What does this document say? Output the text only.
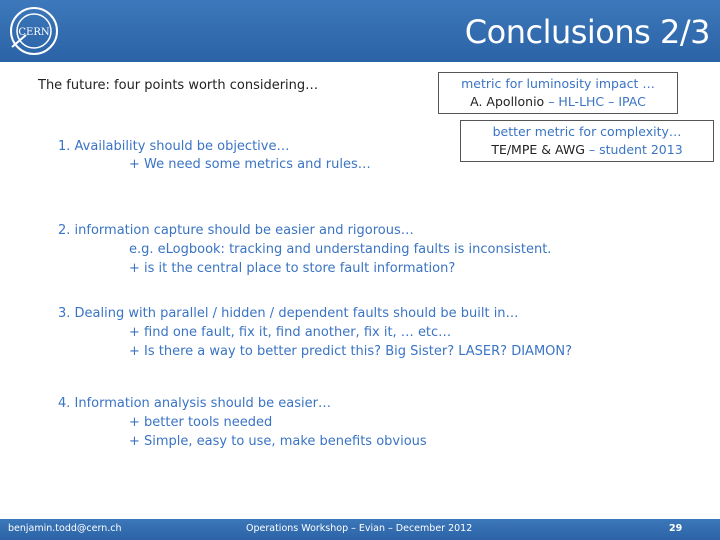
CERN	Conclusions 2/3
The future: four points worth considering…	metric for luminosity impact …
A. Apollonio – HL-LHC – IPAC
better metric for complexity…
TE/MPE & AWG – student 2013
1. Availability should be objective…
+ We need some metrics and rules…
2. information capture should be easier and rigorous…
e.g. eLogbook: tracking and understanding faults is inconsistent.
+ is it the central place to store fault information?
3. Dealing with parallel / hidden / dependent faults should be built in…
+ find one fault, fix it, find another, fix it, … etc…
+ Is there a way to better predict this? Big Sister? LASER? DIAMON?
4. Information analysis should be easier…
+ better tools needed
+ Simple, easy to use, make benefits obvious
benjamin.todd@cern.ch	Operations Workshop – Evian – December 2012	29
